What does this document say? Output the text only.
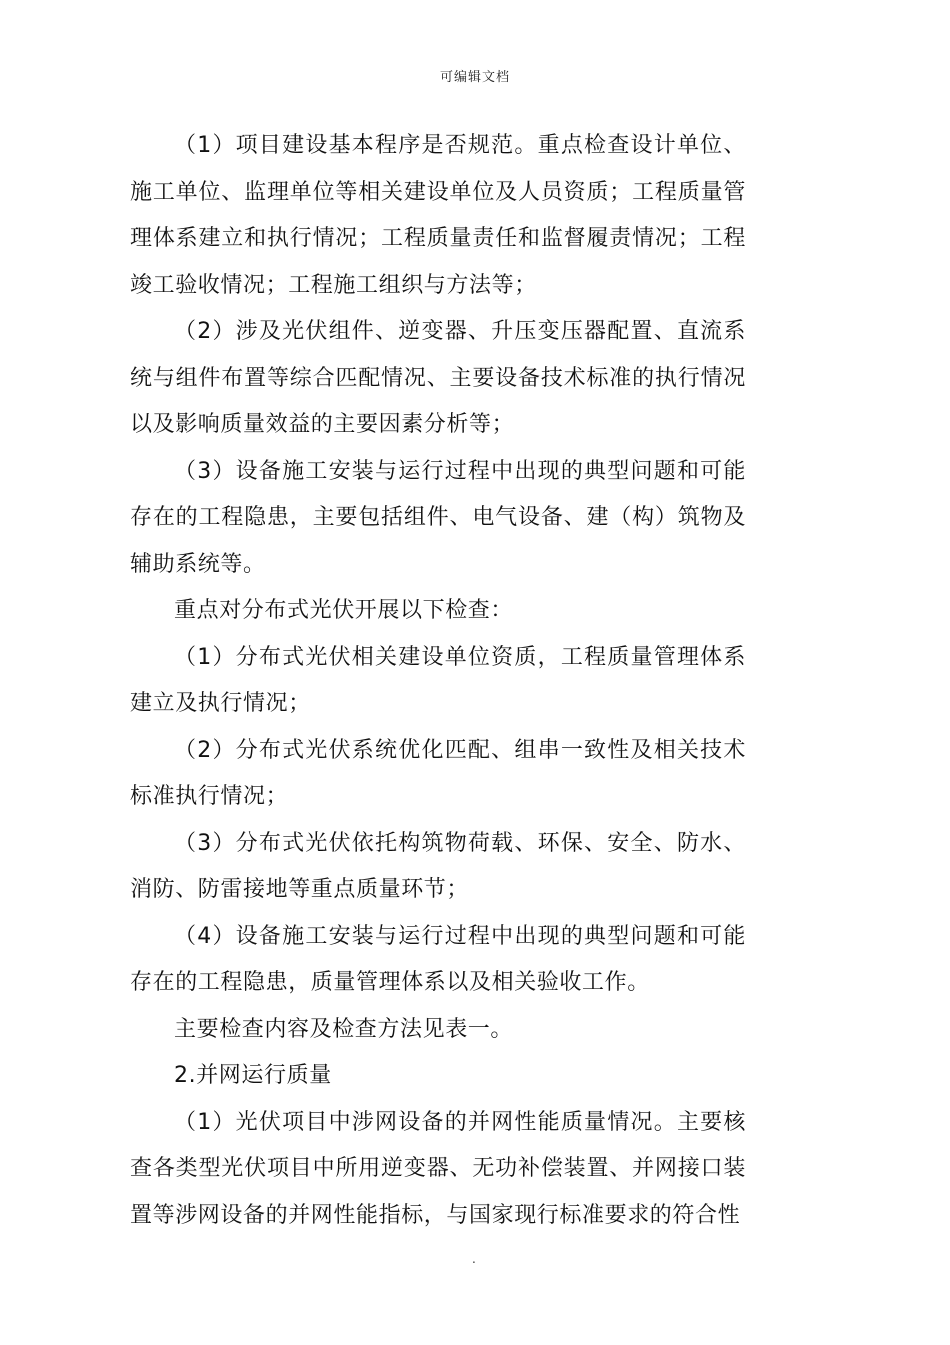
可编辑文档

（1）项目建设基本程序是否规范。重点检查设计单位、施工单位、监理单位等相关建设单位及人员资质；工程质量管理体系建立和执行情况；工程质量责任和监督履责情况；工程竣工验收情况；工程施工组织与方法等；

（2）涉及光伏组件、逆变器、升压变压器配置、直流系统与组件布置等综合匹配情况、主要设备技术标准的执行情况以及影响质量效益的主要因素分析等；

（3）设备施工安装与运行过程中出现的典型问题和可能存在的工程隐患，主要包括组件、电气设备、建（构）筑物及辅助系统等。

重点对分布式光伏开展以下检查：

（1）分布式光伏相关建设单位资质，工程质量管理体系建立及执行情况；

（2）分布式光伏系统优化匹配、组串一致性及相关技术标准执行情况；

（3）分布式光伏依托构筑物荷载、环保、安全、防水、消防、防雷接地等重点质量环节；

（4）设备施工安装与运行过程中出现的典型问题和可能存在的工程隐患，质量管理体系以及相关验收工作。

主要检查内容及检查方法见表一。

2.并网运行质量

（1）光伏项目中涉网设备的并网性能质量情况。主要核查各类型光伏项目中所用逆变器、无功补偿装置、并网接口装置等涉网设备的并网性能指标，与国家现行标准要求的符合性

.
